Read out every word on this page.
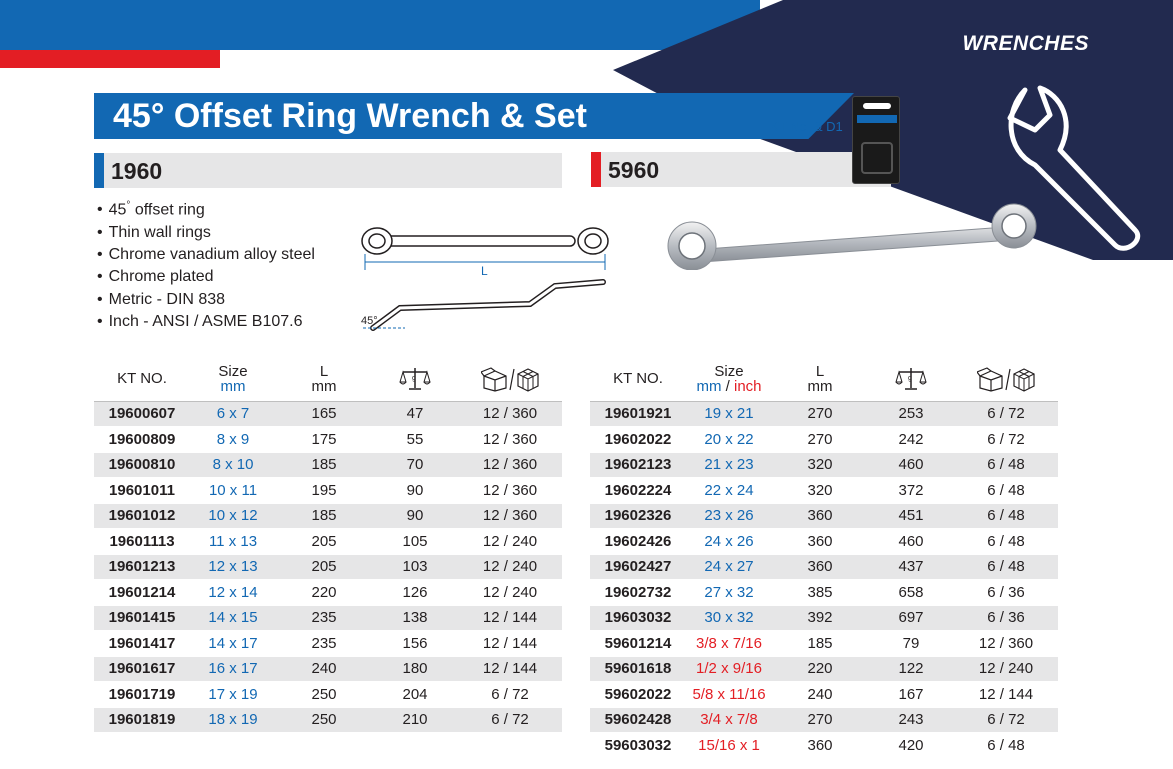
WRENCHES
45° Offset Ring Wrench & Set	KT No. & D1
1960	5960
• 45° offset ring
• Thin wall rings
• Chrome vanadium alloy steel
• Chrome plated
• Metric - DIN 838
• Inch - ANSI / ASME B107.6
L
45°
KT NO.	Size
mm	L
mm	g

19600607	6 x 7	165	47	12 / 360
19600809	8 x 9	175	55	12 / 360
19600810	8 x 10	185	70	12 / 360
19601011	10 x 11	195	90	12 / 360
19601012	10 x 12	185	90	12 / 360
19601113	11 x 13	205	105	12 / 240
19601213	12 x 13	205	103	12 / 240
19601214	12 x 14	220	126	12 / 240
19601415	14 x 15	235	138	12 / 144
19601417	14 x 17	235	156	12 / 144
19601617	16 x 17	240	180	12 / 144
19601719	17 x 19	250	204	6 / 72
19601819	18 x 19	250	210	6 / 72
KT NO.	Size
mm / inch	L
mm	g

19601921	19 x 21	270	253	6 / 72
19602022	20 x 22	270	242	6 / 72
19602123	21 x 23	320	460	6 / 48
19602224	22 x 24	320	372	6 / 48
19602326	23 x 26	360	451	6 / 48
19602426	24 x 26	360	460	6 / 48
19602427	24 x 27	360	437	6 / 48
19602732	27 x 32	385	658	6 / 36
19603032	30 x 32	392	697	6 / 36
59601214	3/8 x 7/16	185	79	12 / 360
59601618	1/2 x 9/16	220	122	12 / 240
59602022	5/8 x 11/16	240	167	12 / 144
59602428	3/4 x 7/8	270	243	6 / 72
59603032	15/16 x 1	360	420	6 / 48
